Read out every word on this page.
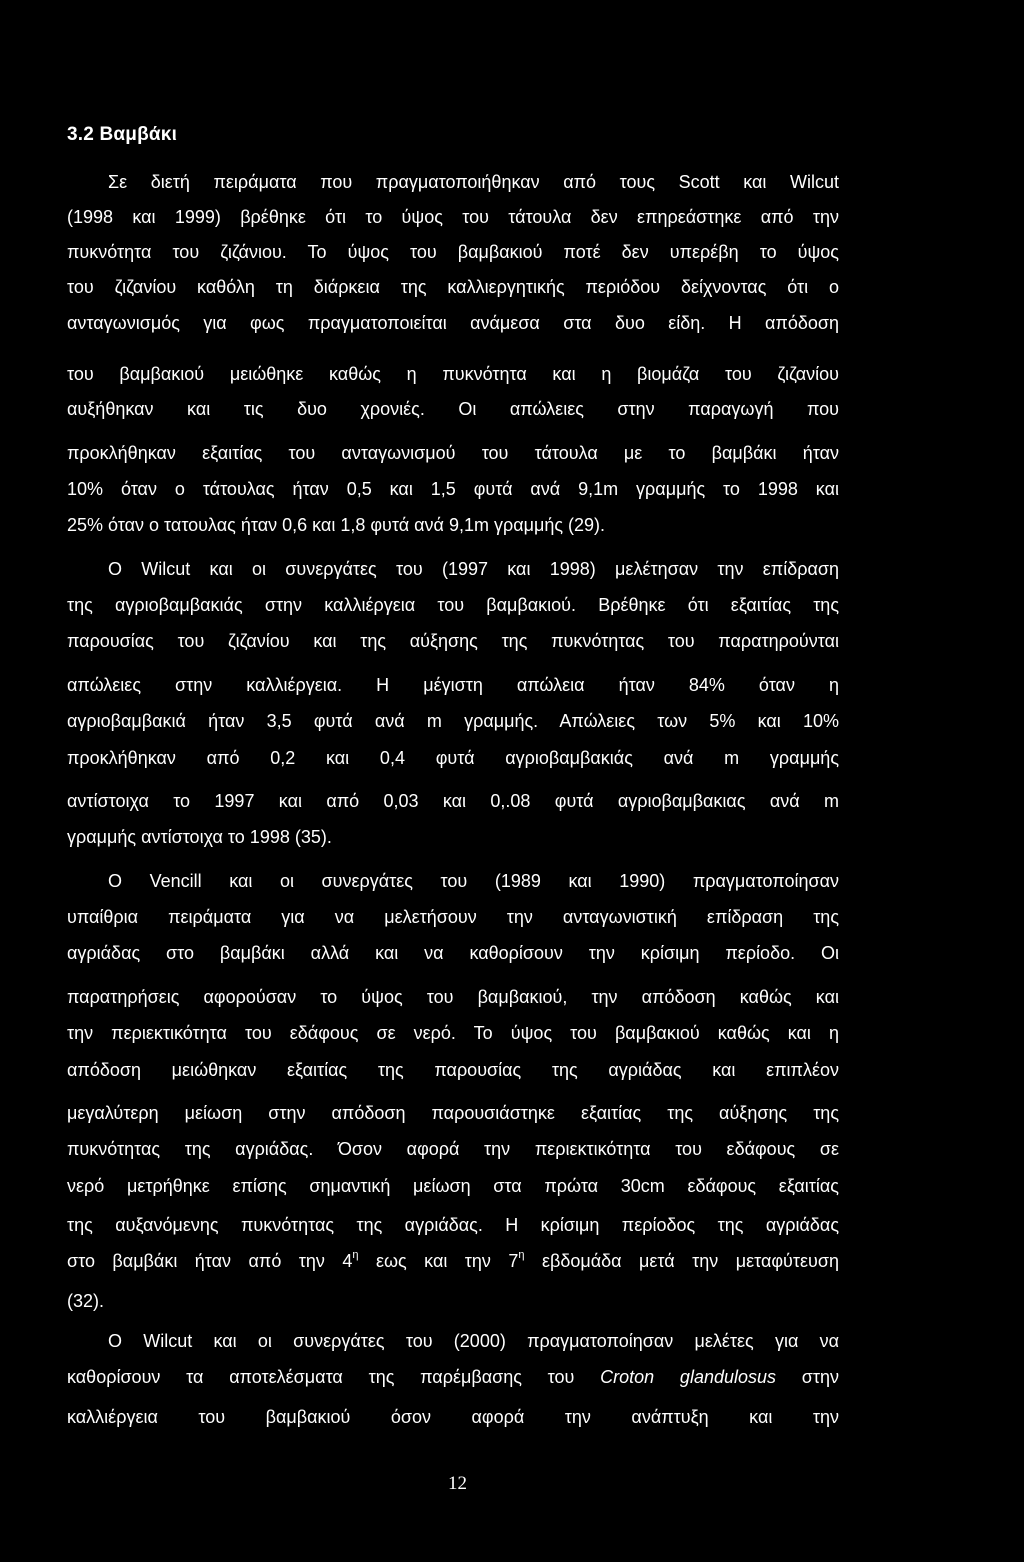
3.2 Βαμβάκι
Σε διετή πειράματα που πραγματοποιήθηκαν από τους Scott και Wilcut
(1998 και 1999) βρέθηκε ότι το ύψος του τάτουλα δεν επηρεάστηκε από την
πυκνότητα του ζιζάνιου. Το ύψος του βαμβακιού ποτέ δεν υπερέβη το ύψος
του ζιζανίου καθόλη τη διάρκεια της καλλιεργητικής περιόδου δείχνοντας ότι ο
ανταγωνισμός για φως πραγματοποιείται ανάμεσα στα δυο είδη. Η απόδοση
του βαμβακιού μειώθηκε καθώς η πυκνότητα και η βιομάζα του ζιζανίου
αυξήθηκαν και τις δυο χρονιές. Οι απώλειες στην παραγωγή που
προκλήθηκαν εξαιτίας του ανταγωνισμού του τάτουλα με το βαμβάκι ήταν
10% όταν ο τάτουλας ήταν 0,5 και 1,5 φυτά ανά 9,1m γραμμής το 1998 και
25% όταν ο τατουλας ήταν 0,6 και 1,8 φυτά ανά 9,1m γραμμής (29).
Ο Wilcut και οι συνεργάτες του (1997 και 1998) μελέτησαν την επίδραση
της αγριοβαμβακιάς στην καλλιέργεια του βαμβακιού. Βρέθηκε ότι εξαιτίας της
παρουσίας του ζιζανίου και της αύξησης της πυκνότητας του παρατηρούνται
απώλειες στην καλλιέργεια. Η μέγιστη απώλεια ήταν 84% όταν η
αγριοβαμβακιά ήταν 3,5 φυτά ανά m γραμμής. Απώλειες των 5% και 10%
προκλήθηκαν από 0,2 και 0,4 φυτά αγριοβαμβακιάς ανά m γραμμής
αντίστοιχα το 1997 και από 0,03 και 0,.08 φυτά αγριοβαμβακιας ανά m
γραμμής αντίστοιχα το 1998 (35).
Ο Vencill και οι συνεργάτες του (1989 και 1990) πραγματοποίησαν
υπαίθρια πειράματα για να μελετήσουν την ανταγωνιστική επίδραση της
αγριάδας στο βαμβάκι αλλά και να καθορίσουν την κρίσιμη περίοδο. Οι
παρατηρήσεις αφορούσαν το ύψος του βαμβακιού, την απόδοση καθώς και
την περιεκτικότητα του εδάφους σε νερό. Το ύψος του βαμβακιού καθώς και η
απόδοση μειώθηκαν εξαιτίας της παρουσίας της αγριάδας και επιπλέον
μεγαλύτερη μείωση στην απόδοση παρουσιάστηκε εξαιτίας της αύξησης της
πυκνότητας της αγριάδας. Όσον αφορά την περιεκτικότητα του εδάφους σε
νερό μετρήθηκε επίσης σημαντική μείωση στα πρώτα 30cm εδάφους εξαιτίας
της αυξανόμενης πυκνότητας της αγριάδας. Η κρίσιμη περίοδος της αγριάδας
στο βαμβάκι ήταν από την $4^\eta$ εως και την $7^\eta$ εβδομάδα μετά την μεταφύτευση
(32).
Ο Wilcut και οι συνεργάτες του (2000) πραγματοποίησαν μελέτες για να
καθορίσουν τα αποτελέσματα της παρέμβασης του Croton glandulosus στην
καλλιέργεια του βαμβακιού όσον αφορά την ανάπτυξη και την
12
